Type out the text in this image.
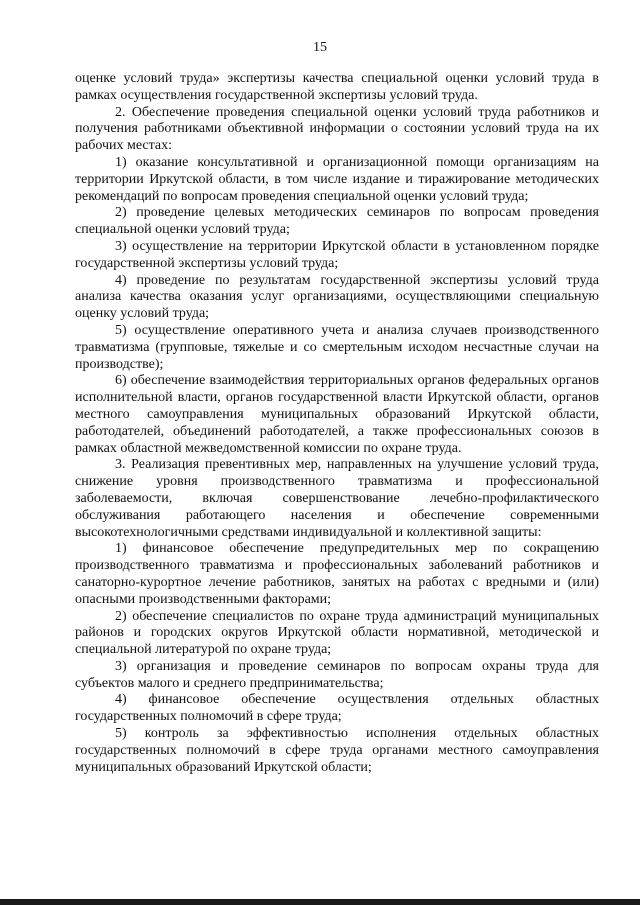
15

оценке условий труда» экспертизы качества специальной оценки условий труда в рамках осуществления государственной экспертизы условий труда.

2. Обеспечение проведения специальной оценки условий труда работников и получения работниками объективной информации о состоянии условий труда на их рабочих местах:

1) оказание консультативной и организационной помощи организациям на территории Иркутской области, в том числе издание и тиражирование методических рекомендаций по вопросам проведения специальной оценки условий труда;

2) проведение целевых методических семинаров по вопросам проведения специальной оценки условий труда;

3) осуществление на территории Иркутской области в установленном порядке государственной экспертизы условий труда;

4) проведение по результатам государственной экспертизы условий труда анализа качества оказания услуг организациями, осуществляющими специальную оценку условий труда;

5) осуществление оперативного учета и анализа случаев производственного травматизма (групповые, тяжелые и со смертельным исходом несчастные случаи на производстве);

6) обеспечение взаимодействия территориальных органов федеральных органов исполнительной власти, органов государственной власти Иркутской области, органов местного самоуправления муниципальных образований Иркутской области, работодателей, объединений работодателей, а также профессиональных союзов в рамках областной межведомственной комиссии по охране труда.

3. Реализация превентивных мер, направленных на улучшение условий труда, снижение уровня производственного травматизма и профессиональной заболеваемости, включая совершенствование лечебно-профилактического обслуживания работающего населения и обеспечение современными высокотехнологичными средствами индивидуальной и коллективной защиты:

1) финансовое обеспечение предупредительных мер по сокращению производственного травматизма и профессиональных заболеваний работников и санаторно-курортное лечение работников, занятых на работах с вредными и (или) опасными производственными факторами;

2) обеспечение специалистов по охране труда администраций муниципальных районов и городских округов Иркутской области нормативной, методической и специальной литературой по охране труда;

3) организация и проведение семинаров по вопросам охраны труда для субъектов малого и среднего предпринимательства;

4) финансовое обеспечение осуществления отдельных областных государственных полномочий в сфере труда;

5) контроль за эффективностью исполнения отдельных областных государственных полномочий в сфере труда органами местного самоуправления муниципальных образований Иркутской области;
